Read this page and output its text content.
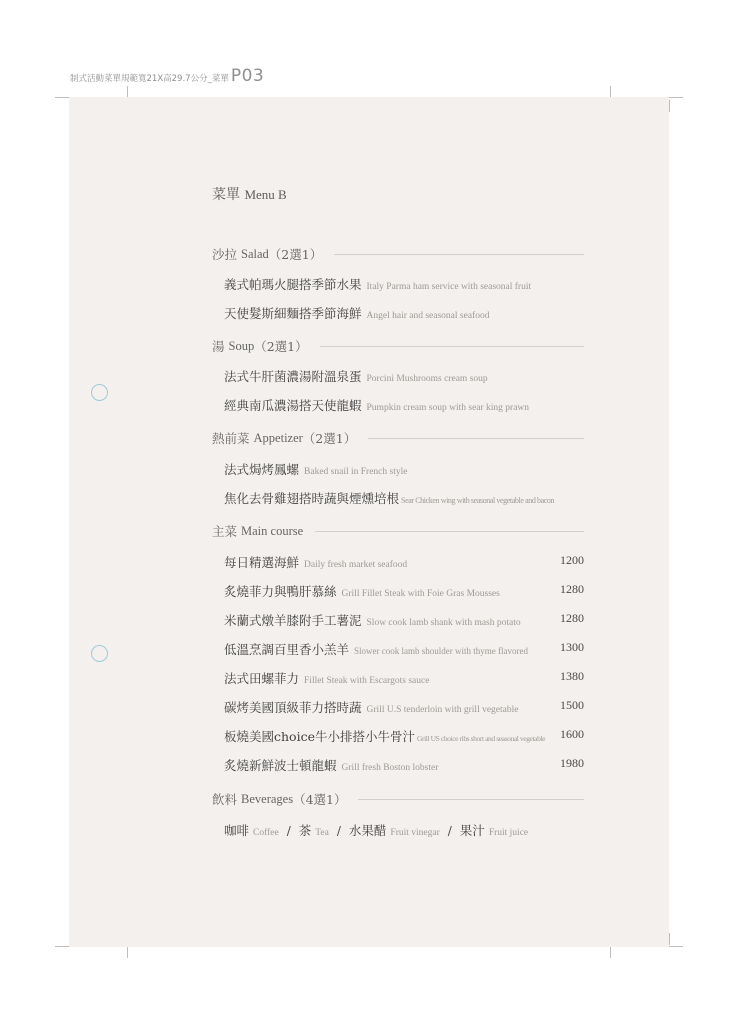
制式活動菜單規範寬21X高29.7公分_菜單 P03
菜單 Menu B
沙拉 Salad （2選1）
義式帕瑪火腿搭季節水果 Italy Parma ham service with seasonal fruit
天使髮斯細麵搭季節海鮮 Angel hair and seasonal seafood
湯 Soup （2選1）
法式牛肝菌濃湯附溫泉蛋 Porcini Mushrooms cream soup
經典南瓜濃湯搭天使龍蝦 Pumpkin cream soup with sear king prawn
熱前菜 Appetizer （2選1）
法式焗烤鳳螺 Baked snail in French style
焦化去骨雞翅搭時蔬與煙燻培根 Sear Chicken wing with seasonal vegetable and bacon
主菜 Main course
每日精選海鮮 Daily fresh market seafood	1200
炙燒菲力與鴨肝慕絲 Grill Fillet Steak with Foie Gras Mousses	1280
米蘭式燉羊膝附手工薯泥 Slow cook lamb shank with mash potato	1280
低溫烹調百里香小羔羊 Slower cook lamb shoulder with thyme flavored	1300
法式田螺菲力 Fillet Steak with Escargots sauce	1380
碳烤美國頂級菲力搭時蔬 Grill U.S tenderloin with grill vegetable	1500
板燒美國choice牛小排搭小牛骨汁 Grill US choice ribs short and seasonal vegetable 1600
炙燒新鮮波士頓龍蝦 Grill fresh Boston lobster	1980
飲料 Beverages （4選1）
咖啡 Coffee / 茶 Tea / 水果醋 Fruit vinegar / 果汁 Fruit juice
